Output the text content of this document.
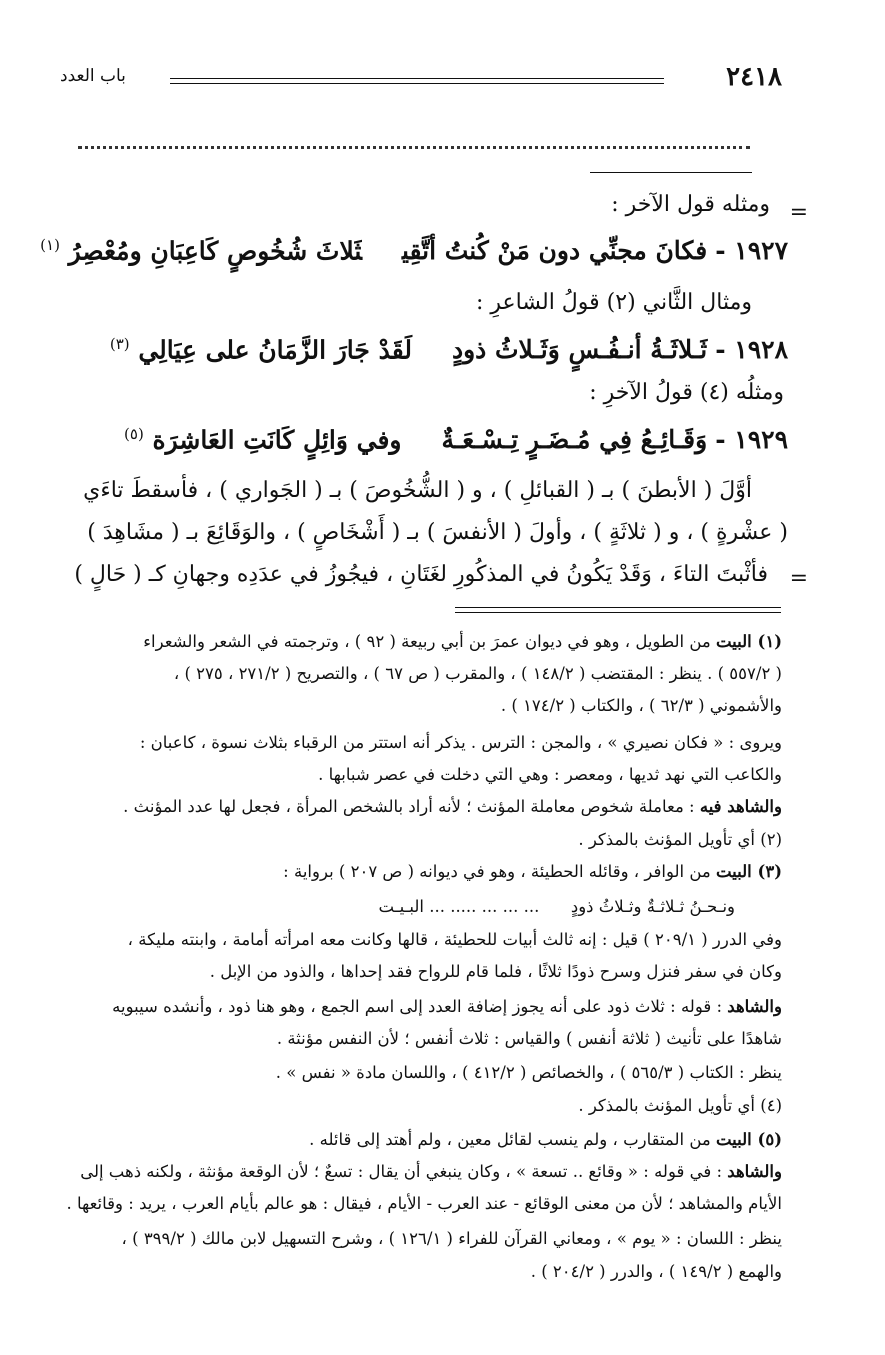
٢٤١٨
باب العدد
=
ومثله قول الآخر :
١٩٢٧ -فكانَ مجنِّي دون مَنْ كُنتُ أتَّقِيثَلاثَ شُخُوصٍ كَاعِبَانِ ومُعْصِرُ $^{(١)}$
ومثال الثَّاني (٢) قولُ الشاعرِ :
١٩٢٨ -ثَـلاثَـةُ أنـفُـسٍ وَثَـلاثُ ذودٍلَقَدْ جَارَ الزَّمَانُ على عِيَالِي $^{(٣)}$
ومثلُه (٤) قولُ الآخرِ :
١٩٢٩ -وَقَـائِـعُ فِي مُـضَـرٍ تِـسْـعَـةٌوفي وَائِلٍ كَانَتِ العَاشِرَة $^{(٥)}$
أوَّلَ ( الأبطنَ ) بـ ( القبائلِ ) ، و ( الشُّخُوصَ ) بـ ( الجَواري ) ، فأسقطَ تاءَي
( عشْرةٍ ) ، و ( ثلاثَةٍ ) ، وأولَ ( الأنفسَ ) بـ ( أَشْخَاصٍ ) ، والوَقَائِعَ بـ ( مشَاهِدَ )
فأثْبتَ التاءَ ، وَقَدْ يَكُونُ في المذكُورِ لغَتَانِ ، فيجُوزُ في عدَدِه وجهانِ كـ ( حَالٍ ) =
(١) البيت من الطويل ، وهو في ديوان عمرَ بن أبي ربيعة ( ٩٢ ) ، وترجمته في الشعر والشعراء
( ٥٥٧/٢ ) . ينظر : المقتضب ( ١٤٨/٢ ) ، والمقرب ( ص ٦٧ ) ، والتصريح ( ٢٧١/٢ ، ٢٧٥ ) ،
والأشموني ( ٦٢/٣ ) ، والكتاب ( ١٧٤/٢ ) .
ويروى : « فكان نصيري » ، والمجن : الترس . يذكر أنه استتر من الرقباء بثلاث نسوة ، كاعبان :
والكاعب التي نهد ثديها ، ومعصر : وهي التي دخلت في عصر شبابها .
والشاهد فيه : معاملة شخوص معاملة المؤنث ؛ لأنه أراد بالشخص المرأة ، فجعل لها عدد المؤنث .
(٢) أي تأويل المؤنث بالمذكر .
(٣) البيت من الوافر ، وقائله الحطيئة ، وهو في ديوانه ( ص ٢٠٧ ) برواية :
ونـحـنُ ثـلاثـةٌ وثـلاثُ ذودٍ      ... ... ... ..... ... البـيـت
وفي الدرر ( ٢٠٩/١ ) قيل : إنه ثالث أبيات للحطيئة ، قالها وكانت معه امرأته أمامة ، وابنته مليكة ،
وكان في سفر فنزل وسرح ذودًا ثلاثًا ، فلما قام للرواح فقد إحداها ، والذود من الإبل .
والشاهد : قوله : ثلاث ذود على أنه يجوز إضافة العدد إلى اسم الجمع ، وهو هنا ذود ، وأنشده سيبويه
شاهدًا على تأنيث ( ثلاثة أنفس ) والقياس : ثلاث أنفس ؛ لأن النفس مؤنثة .
ينظر : الكتاب ( ٥٦٥/٣ ) ، والخصائص ( ٤١٢/٢ ) ، واللسان مادة « نفس » .
(٤) أي تأويل المؤنث بالمذكر .
(٥) البيت من المتقارب ، ولم ينسب لقائل معين ، ولم أهتد إلى قائله .
والشاهد : في قوله : « وقائع .. تسعة » ، وكان ينبغي أن يقال : تسعٌ ؛ لأن الوقعة مؤنثة ، ولكنه ذهب إلى
الأيام والمشاهد ؛ لأن من معنى الوقائع - عند العرب - الأيام ، فيقال : هو عالم بأيام العرب ، يريد : وقائعها .
ينظر : اللسان : « يوم » ، ومعاني القرآن للفراء ( ١٢٦/١ ) ، وشرح التسهيل لابن مالك ( ٣٩٩/٢ ) ،
والهمع ( ١٤٩/٢ ) ، والدرر ( ٢٠٤/٢ ) .
